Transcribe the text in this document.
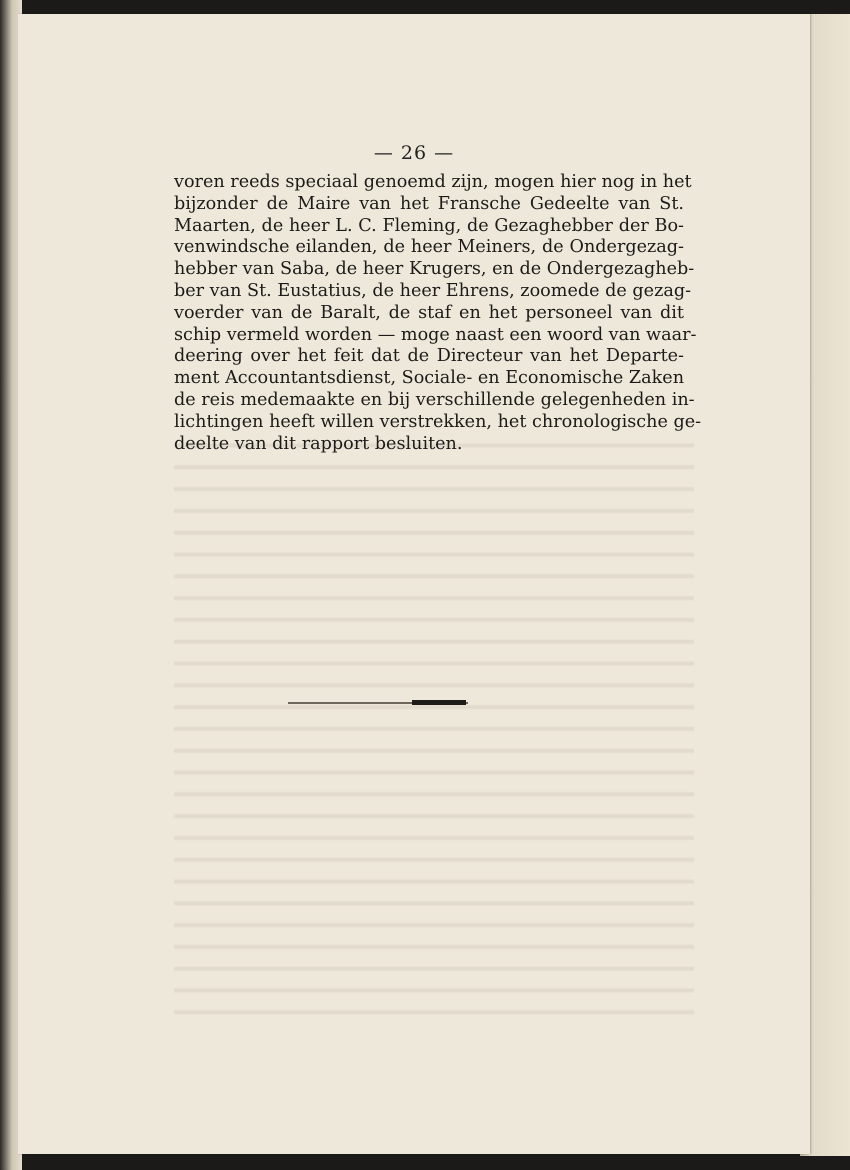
— 26 —
voren reeds speciaal genoemd zijn, mogen hier nog in het
bijzonder de Maire van het Fransche Gedeelte van St.
Maarten, de heer L. C. Fleming, de Gezaghebber der Bo-
venwindsche eilanden, de heer Meiners, de Ondergezag-
hebber van Saba, de heer Krugers, en de Ondergezagheb-
ber van St. Eustatius, de heer Ehrens, zoomede de gezag-
voerder van de Baralt, de staf en het personeel van dit
schip vermeld worden — moge naast een woord van waar-
deering over het feit dat de Directeur van het Departe-
ment Accountantsdienst, Sociale- en Economische Zaken
de reis medemaakte en bij verschillende gelegenheden in-
lichtingen heeft willen verstrekken, het chronologische ge-
deelte van dit rapport besluiten.
